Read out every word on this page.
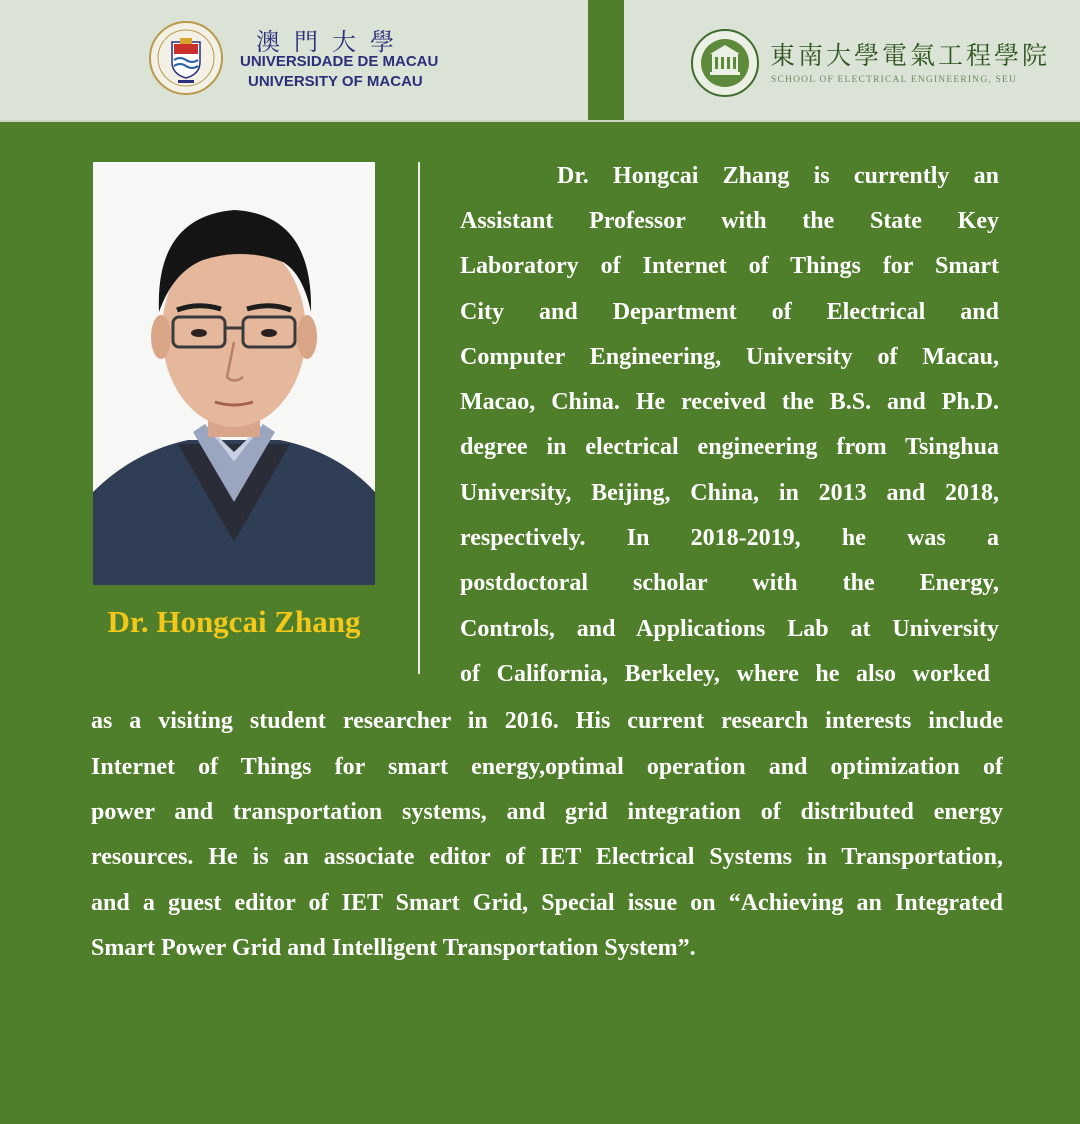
澳門大學
UNIVERSIDADE DE MACAU
UNIVERSITY OF MACAU
東南大學電氣工程學院
SCHOOL OF ELECTRICAL ENGINEERING, SEU
Dr. Hongcai Zhang
Dr. Hongcai Zhang is currently an
Assistant Professor with the State Key
Laboratory of Internet of Things for Smart
City and Department of Electrical and
Computer Engineering, University of Macau,
Macao, China. He received the B.S. and Ph.D.
degree in electrical engineering from Tsinghua
University, Beijing, China, in 2013 and 2018,
respectively. In 2018-2019, he was a
postdoctoral scholar with the Energy,
Controls, and Applications Lab at University
of California, Berkeley, where he also worked
as a visiting student researcher in 2016. His current research interests include
Internet of Things for smart energy,optimal operation and optimization of
power and transportation systems, and grid integration of distributed energy
resources. He is an associate editor of IET Electrical Systems in Transportation,
and a guest editor of IET Smart Grid, Special issue on “Achieving an Integrated
Smart Power Grid and Intelligent Transportation System”.
